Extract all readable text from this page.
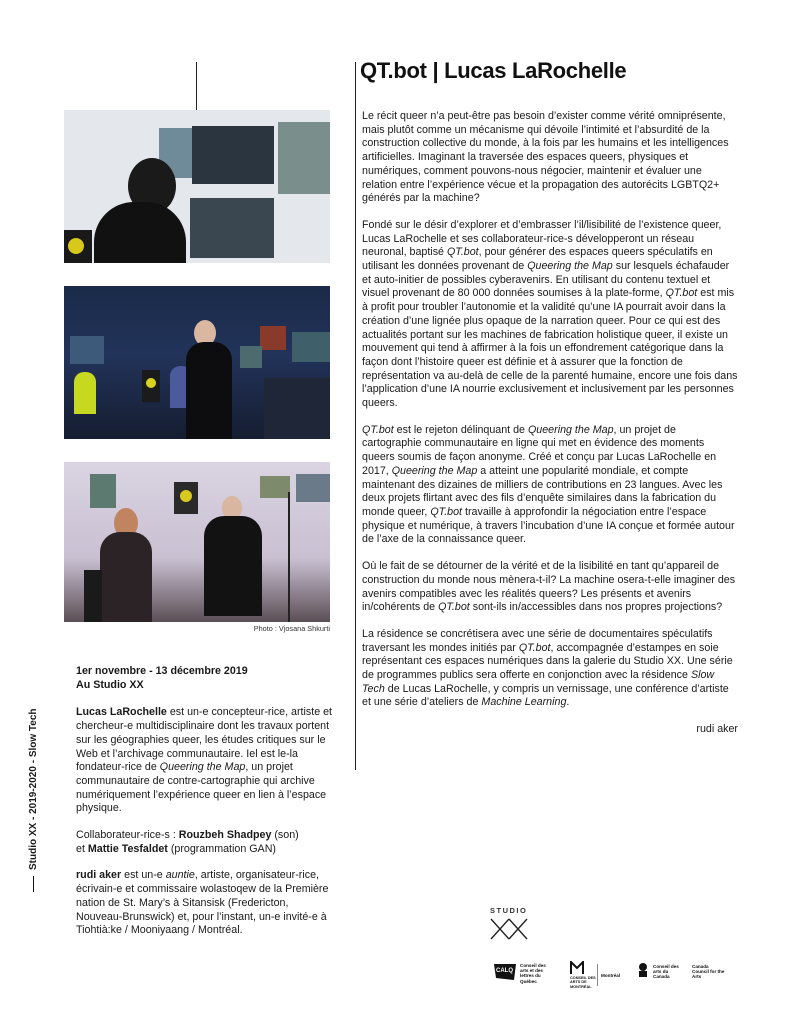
QT.bot | Lucas LaRochelle

Le récit queer n’a peut-être pas besoin d’exister comme vérité omniprésente, mais plutôt comme un mécanisme qui dévoile l’intimité et l’absurdité de la construction collective du monde, à la fois par les humains et les intelligences artificielles. Imaginant la traversée des espaces queers, physiques et numériques, comment pouvons-nous négocier, maintenir et évaluer une relation entre l’expérience vécue et la propagation des autorécits LGBTQ2+ générés par la machine?

Fondé sur le désir d’explorer et d’embrasser l’il/lisibilité de l’existence queer, Lucas LaRochelle et ses collaborateur-rice-s développeront un réseau neuronal, baptisé QT.bot, pour générer des espaces queers spéculatifs en utilisant les données provenant de Queering the Map sur lesquels échafauder et auto-initier de possibles cyberavenirs. En utilisant du contenu textuel et visuel provenant de 80 000 données soumises à la plate-forme, QT.bot est mis à profit pour troubler l’autonomie et la validité qu’une IA pourrait avoir dans la création d’une lignée plus opaque de la narration queer. Pour ce qui est des actualités portant sur les machines de fabrication holistique queer, il existe un mouvement qui tend à affirmer à la fois un effondrement catégorique dans la façon dont l’histoire queer est définie et à assurer que la fonction de représentation va au-delà de celle de la parenté humaine, encore une fois dans l’application d’une IA nourrie exclusivement et inclusivement par les personnes queers.

QT.bot est le rejeton délinquant de Queering the Map, un projet de cartographie communautaire en ligne qui met en évidence des moments queers soumis de façon anonyme. Créé et conçu par Lucas LaRochelle en 2017, Queering the Map a atteint une popularité mondiale, et compte maintenant des dizaines de milliers de contributions en 23 langues. Avec les deux projets flirtant avec des fils d’enquête similaires dans la fabrication du monde queer, QT.bot travaille à approfondir la négociation entre l’espace physique et numérique, à travers l’incubation d’une IA conçue et formée autour de l’axe de la connaissance queer.

Où le fait de se détourner de la vérité et de la lisibilité en tant qu’appareil de construction du monde nous mènera-t-il? La machine osera-t-elle imaginer des avenirs compatibles avec les réalités queers? Les présents et avenirs in/cohérents de QT.bot sont-ils in/accessibles dans nos propres projections?

La résidence se concrétisera avec une série de documentaires spéculatifs traversant les mondes initiés par QT.bot, accompagnée d’estampes en soie représentant ces espaces numériques dans la galerie du Studio XX. Une série de programmes publics sera offerte en conjonction avec la résidence Slow Tech de Lucas LaRochelle, y compris un vernissage, une conférence d’artiste et une série d’ateliers de Machine Learning.

rudi aker
Photo : Vjosana Shkurti
Studio XX - 2019-2020 - Slow Tech
1er novembre - 13 décembre 2019
Au Studio XX

Lucas LaRochelle est un-e concepteur-rice, artiste et chercheur-e multidisciplinaire dont les travaux portent sur les géographies queer, les études critiques sur le Web et l’archivage communautaire. Iel est le-la fondateur-rice de Queering the Map, un projet communautaire de contre-cartographie qui archive numériquement l’expérience queer en lien à l’espace physique.

Collaborateur-rice-s : Rouzbeh Shadpey (son)
et Mattie Tesfaldet (programmation GAN)

rudi aker est un-e auntie, artiste, organisateur-rice, écrivain-e et commissaire wolastoqew de la Première nation de St. Mary’s à Sitansisk (Fredericton, Nouveau-Brunswick) et, pour l’instant, un-e invité-e à Tiohtià:ke / Mooniyaang / Montréal.

STUDIO
CALQ
Conseil des arts et des lettres du Québec
CONSEIL DES ARTS DE MONTRÉAL
Montréal
Conseil des arts du Canada
Canada Council for the Arts
